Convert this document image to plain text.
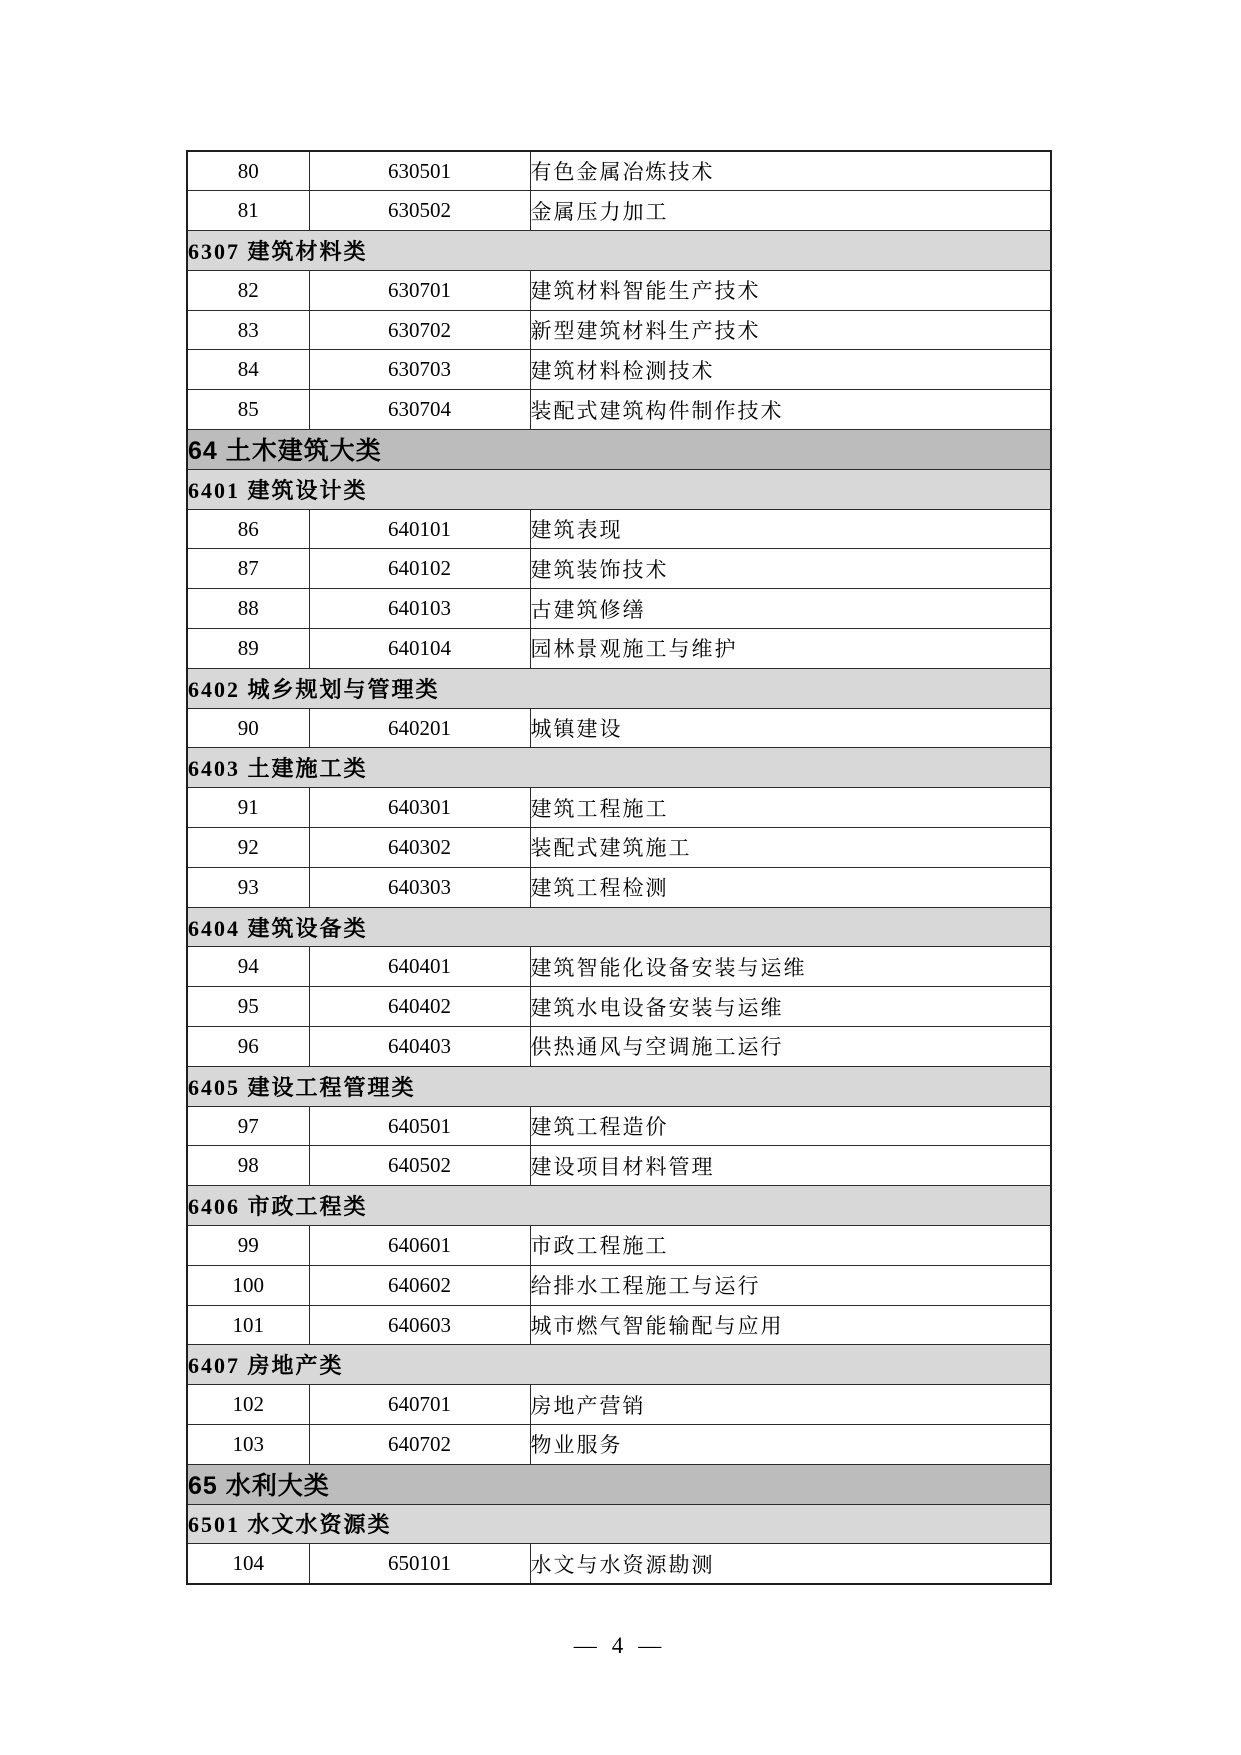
80	630501	有色金属冶炼技术
81	630502	金属压力加工
6307 建筑材料类		
82	630701	建筑材料智能生产技术
83	630702	新型建筑材料生产技术
84	630703	建筑材料检测技术
85	630704	装配式建筑构件制作技术
64 土木建筑大类		
6401 建筑设计类		
86	640101	建筑表现
87	640102	建筑装饰技术
88	640103	古建筑修缮
89	640104	园林景观施工与维护
6402 城乡规划与管理类		
90	640201	城镇建设
6403 土建施工类		
91	640301	建筑工程施工
92	640302	装配式建筑施工
93	640303	建筑工程检测
6404 建筑设备类		
94	640401	建筑智能化设备安装与运维
95	640402	建筑水电设备安装与运维
96	640403	供热通风与空调施工运行
6405 建设工程管理类		
97	640501	建筑工程造价
98	640502	建设项目材料管理
6406 市政工程类		
99	640601	市政工程施工
100	640602	给排水工程施工与运行
101	640603	城市燃气智能输配与应用
6407 房地产类		
102	640701	房地产营销
103	640702	物业服务
65 水利大类		
6501 水文水资源类		
104	650101	水文与水资源勘测
— 4 —
